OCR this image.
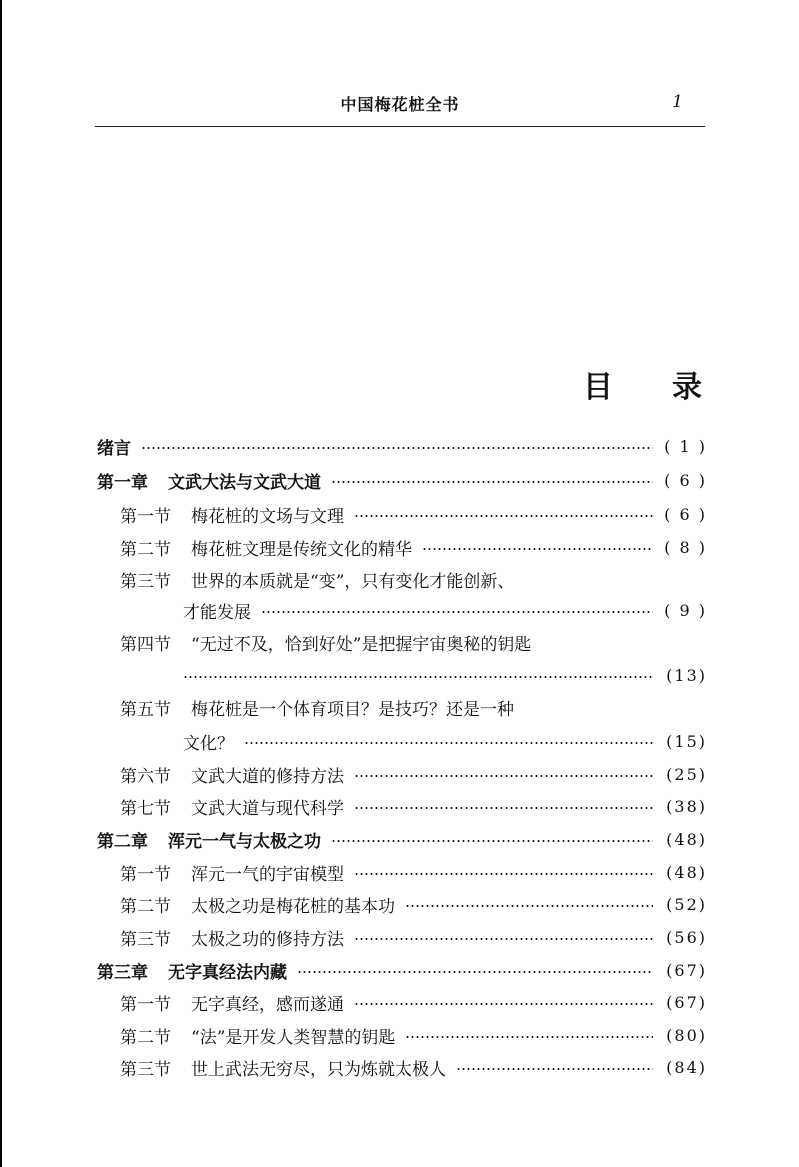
中国梅花桩全书	1
目 录
绪言	( 1 )
第一章 文武大法与文武大道	( 6 )
第一节 梅花桩的文场与文理	( 6 )
第二节 梅花桩文理是传统文化的精华	( 8 )
第三节 世界的本质就是“变”，只有变化才能创新、
才能发展	( 9 )
第四节 “无过不及，恰到好处”是把握宇宙奥秘的钥匙
(13)
第五节 梅花桩是一个体育项目？是技巧？还是一种
文化？	(15)
第六节 文武大道的修持方法	(25)
第七节 文武大道与现代科学	(38)
第二章 浑元一气与太极之功	(48)
第一节 浑元一气的宇宙模型	(48)
第二节 太极之功是梅花桩的基本功	(52)
第三节 太极之功的修持方法	(56)
第三章 无字真经法内藏	(67)
第一节 无字真经，感而遂通	(67)
第二节 “法”是开发人类智慧的钥匙	(80)
第三节 世上武法无穷尽，只为炼就太极人	(84)
